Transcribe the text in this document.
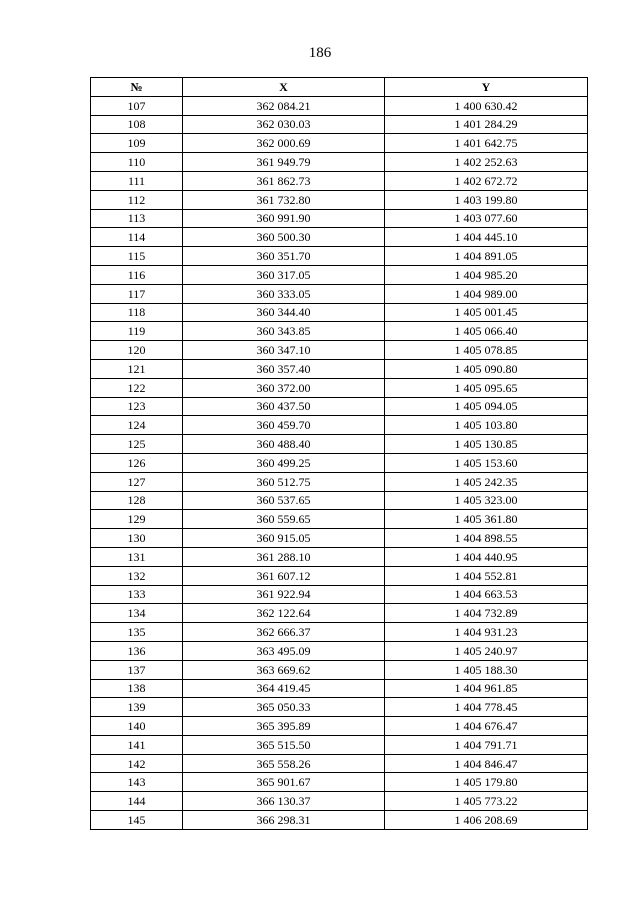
186
№	X	Y
107	362 084.21	1 400 630.42
108	362 030.03	1 401 284.29
109	362 000.69	1 401 642.75
110	361 949.79	1 402 252.63
111	361 862.73	1 402 672.72
112	361 732.80	1 403 199.80
113	360 991.90	1 403 077.60
114	360 500.30	1 404 445.10
115	360 351.70	1 404 891.05
116	360 317.05	1 404 985.20
117	360 333.05	1 404 989.00
118	360 344.40	1 405 001.45
119	360 343.85	1 405 066.40
120	360 347.10	1 405 078.85
121	360 357.40	1 405 090.80
122	360 372.00	1 405 095.65
123	360 437.50	1 405 094.05
124	360 459.70	1 405 103.80
125	360 488.40	1 405 130.85
126	360 499.25	1 405 153.60
127	360 512.75	1 405 242.35
128	360 537.65	1 405 323.00
129	360 559.65	1 405 361.80
130	360 915.05	1 404 898.55
131	361 288.10	1 404 440.95
132	361 607.12	1 404 552.81
133	361 922.94	1 404 663.53
134	362 122.64	1 404 732.89
135	362 666.37	1 404 931.23
136	363 495.09	1 405 240.97
137	363 669.62	1 405 188.30
138	364 419.45	1 404 961.85
139	365 050.33	1 404 778.45
140	365 395.89	1 404 676.47
141	365 515.50	1 404 791.71
142	365 558.26	1 404 846.47
143	365 901.67	1 405 179.80
144	366 130.37	1 405 773.22
145	366 298.31	1 406 208.69
